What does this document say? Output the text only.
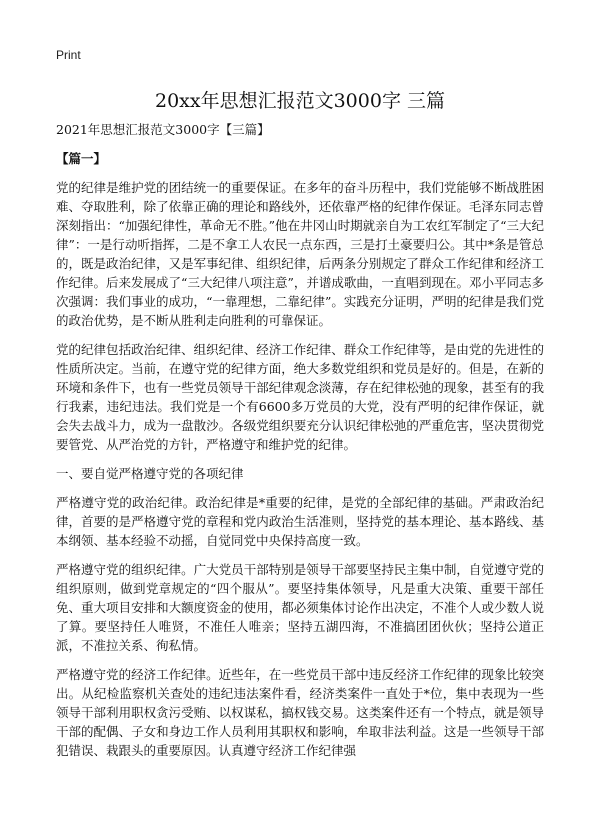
Print
20xx年思想汇报范文3000字 三篇
2021年思想汇报范文3000字【三篇】
【篇一】

党的纪律是维护党的团结统一的重要保证。在多年的奋斗历程中，我们党能够不断战胜困难、夺取胜利，除了依靠正确的理论和路线外，还依靠严格的纪律作保证。毛泽东同志曾深刻指出：“加强纪律性，革命无不胜。”他在井冈山时期就亲自为工农红军制定了“三大纪律”：一是行动听指挥，二是不拿工人农民一点东西，三是打土豪要归公。其中*条是管总的，既是政治纪律，又是军事纪律、组织纪律，后两条分别规定了群众工作纪律和经济工作纪律。后来发展成了“三大纪律八项注意”，并谱成歌曲，一直唱到现在。邓小平同志多次强调：我们事业的成功，“一靠理想，二靠纪律”。实践充分证明，严明的纪律是我们党的政治优势，是不断从胜利走向胜利的可靠保证。

党的纪律包括政治纪律、组织纪律、经济工作纪律、群众工作纪律等，是由党的先进性的性质所决定。当前，在遵守党的纪律方面，绝大多数党组织和党员是好的。但是，在新的环境和条件下，也有一些党员领导干部纪律观念淡薄，存在纪律松弛的现象，甚至有的我行我素，违纪违法。我们党是一个有6600多万党员的大党，没有严明的纪律作保证，就会失去战斗力，成为一盘散沙。各级党组织要充分认识纪律松弛的严重危害，坚决贯彻党要管党、从严治党的方针，严格遵守和维护党的纪律。

一、要自觉严格遵守党的各项纪律

严格遵守党的政治纪律。政治纪律是*重要的纪律，是党的全部纪律的基础。严肃政治纪律，首要的是严格遵守党的章程和党内政治生活准则，坚持党的基本理论、基本路线、基本纲领、基本经验不动摇，自觉同党中央保持高度一致。

严格遵守党的组织纪律。广大党员干部特别是领导干部要坚持民主集中制，自觉遵守党的组织原则，做到党章规定的“四个服从”。要坚持集体领导，凡是重大决策、重要干部任免、重大项目安排和大额度资金的使用，都必须集体讨论作出决定，不准个人或少数人说了算。要坚持任人唯贤，不准任人唯亲；坚持五湖四海，不准搞团团伙伙；坚持公道正派，不准拉关系、徇私情。

严格遵守党的经济工作纪律。近些年，在一些党员干部中违反经济工作纪律的现象比较突出。从纪检监察机关查处的违纪违法案件看，经济类案件一直处于*位，集中表现为一些领导干部利用职权贪污受贿、以权谋私，搞权钱交易。这类案件还有一个特点，就是领导干部的配偶、子女和身边工作人员利用其职权和影响，牟取非法利益。这是一些领导干部犯错误、栽跟头的重要原因。认真遵守经济工作纪律强
